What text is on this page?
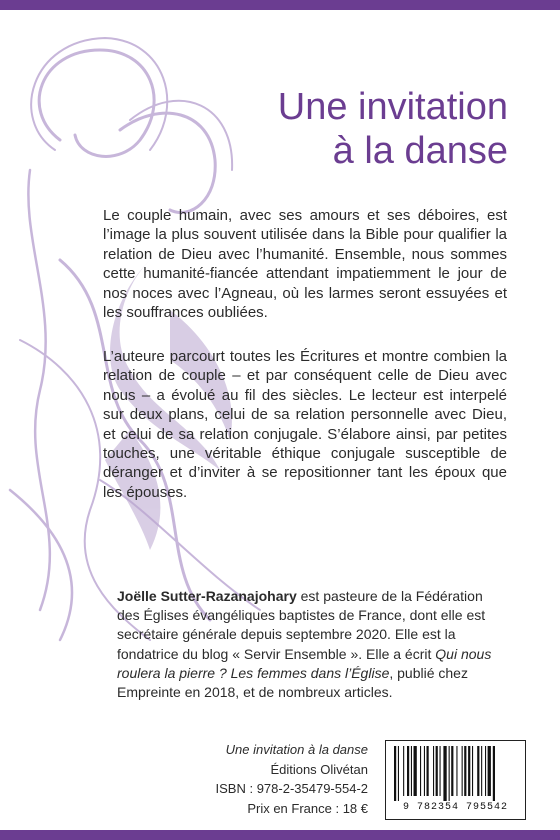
Une invitation
à la danse

Le couple humain, avec ses amours et ses déboires, est l’image la plus souvent utilisée dans la Bible pour qualifier la relation de Dieu avec l’humanité. Ensemble, nous sommes cette humanité-fiancée attendant impatiemment le jour de nos noces avec l’Agneau, où les larmes seront essuyées et les souffrances oubliées.

L’auteure parcourt toutes les Écritures et montre combien la relation de couple – et par conséquent celle de Dieu avec nous – a évolué au fil des siècles. Le lecteur est interpelé sur deux plans, celui de sa relation personnelle avec Dieu, et celui de sa relation conjugale. S’élabore ainsi, par petites touches, une véritable éthique conjugale susceptible de déranger et d’inviter à se repositionner tant les époux que les épouses.

Joëlle Sutter-Razanajohary est pasteure de la Fédération des Églises évangéliques baptistes de France, dont elle est secrétaire générale depuis septembre 2020. Elle est la fondatrice du blog « Servir Ensemble ». Elle a écrit Qui nous roulera la pierre ? Les femmes dans l’Église, publié chez Empreinte en 2018, et de nombreux articles.
Une invitation à la danse
Éditions Olivétan
ISBN : 978-2-35479-554-2
Prix en France : 18 €	9 782354 795542
